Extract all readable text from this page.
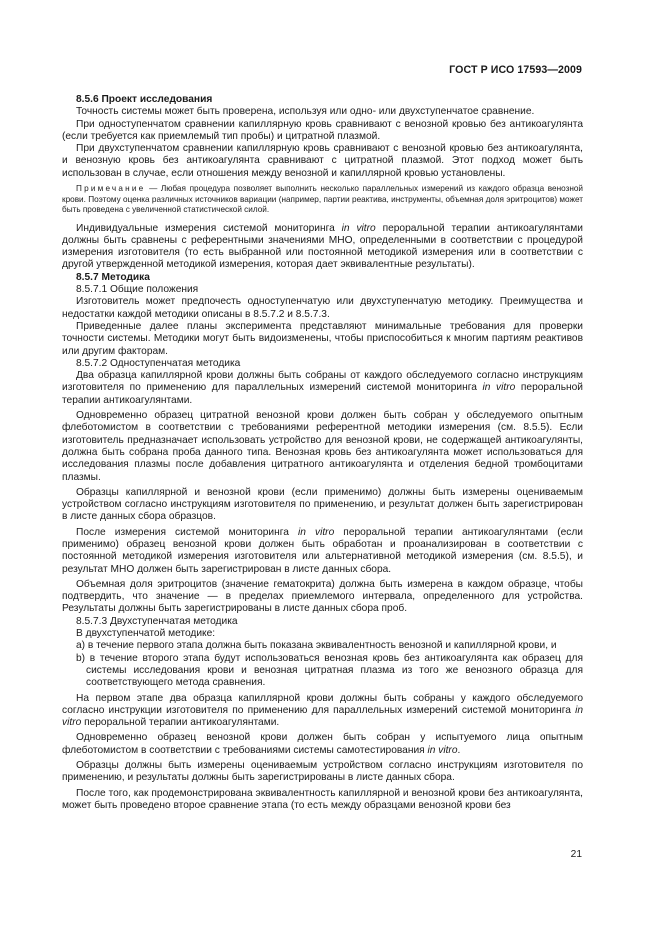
ГОСТ Р ИСО 17593—2009

8.5.6 Проект исследования

Точность системы может быть проверена, используя или одно- или двухступенчатое сравнение.

При одноступенчатом сравнении капиллярную кровь сравнивают с венозной кровью без антикоагулянта (если требуется как приемлемый тип пробы) и цитратной плазмой.

При двухступенчатом сравнении капиллярную кровь сравнивают с венозной кровью без антикоагулянта, и венозную кровь без антикоагулянта сравнивают с цитратной плазмой. Этот подход может быть использован в случае, если отношения между венозной и капиллярной кровью установлены.

Примечание — Любая процедура позволяет выполнить несколько параллельных измерений из каждого образца венозной крови. Поэтому оценка различных источников вариации (например, партии реактива, инструменты, объемная доля эритроцитов) может быть проведена с увеличенной статистической силой.

Индивидуальные измерения системой мониторинга in vitro пероральной терапии антикоагулянтами должны быть сравнены с референтными значениями МНО, определенными в соответствии с процедурой измерения изготовителя (то есть выбранной или постоянной методикой измерения или в соответствии с другой утвержденной методикой измерения, которая дает эквивалентные результаты).

8.5.7 Методика

8.5.7.1 Общие положения

Изготовитель может предпочесть одноступенчатую или двухступенчатую методику. Преимущества и недостатки каждой методики описаны в 8.5.7.2 и 8.5.7.3.

Приведенные далее планы эксперимента представляют минимальные требования для проверки точности системы. Методики могут быть видоизменены, чтобы приспособиться к многим партиям реактивов или другим факторам.

8.5.7.2 Одноступенчатая методика

Два образца капиллярной крови должны быть собраны от каждого обследуемого согласно инструкциям изготовителя по применению для параллельных измерений системой мониторинга in vitro пероральной терапии антикоагулянтами.

Одновременно образец цитратной венозной крови должен быть собран у обследуемого опытным флеботомистом в соответствии с требованиями референтной методики измерения (см. 8.5.5). Если изготовитель предназначает использовать устройство для венозной крови, не содержащей антикоагулянты, должна быть собрана проба данного типа. Венозная кровь без антикоагулянта может использоваться для исследования плазмы после добавления цитратного антикоагулянта и отделения бедной тромбоцитами плазмы.

Образцы капиллярной и венозной крови (если применимо) должны быть измерены оцениваемым устройством согласно инструкциям изготовителя по применению, и результат должен быть зарегистрирован в листе данных сбора образцов.

После измерения системой мониторинга in vitro пероральной терапии антикоагулянтами (если применимо) образец венозной крови должен быть обработан и проанализирован в соответствии с постоянной методикой измерения изготовителя или альтернативной методикой измерения (см. 8.5.5), и результат МНО должен быть зарегистрирован в листе данных сбора.

Объемная доля эритроцитов (значение гематокрита) должна быть измерена в каждом образце, чтобы подтвердить, что значение — в пределах приемлемого интервала, определенного для устройства. Результаты должны быть зарегистрированы в листе данных сбора проб.

8.5.7.3 Двухступенчатая методика

В двухступенчатой методике:

a) в течение первого этапа должна быть показана эквивалентность венозной и капиллярной крови, и

b) в течение второго этапа будут использоваться венозная кровь без антикоагулянта как образец для системы исследования крови и венозная цитратная плазма из того же венозного образца для соответствующего метода сравнения.

На первом этапе два образца капиллярной крови должны быть собраны у каждого обследуемого согласно инструкции изготовителя по применению для параллельных измерений системой мониторинга in vitro пероральной терапии антикоагулянтами.

Одновременно образец венозной крови должен быть собран у испытуемого лица опытным флеботомистом в соответствии с требованиями системы самотестирования in vitro.

Образцы должны быть измерены оцениваемым устройством согласно инструкциям изготовителя по применению, и результаты должны быть зарегистрированы в листе данных сбора.

После того, как продемонстрирована эквивалентность капиллярной и венозной крови без антикоагулянта, может быть проведено второе сравнение этапа (то есть между образцами венозной крови без

21
